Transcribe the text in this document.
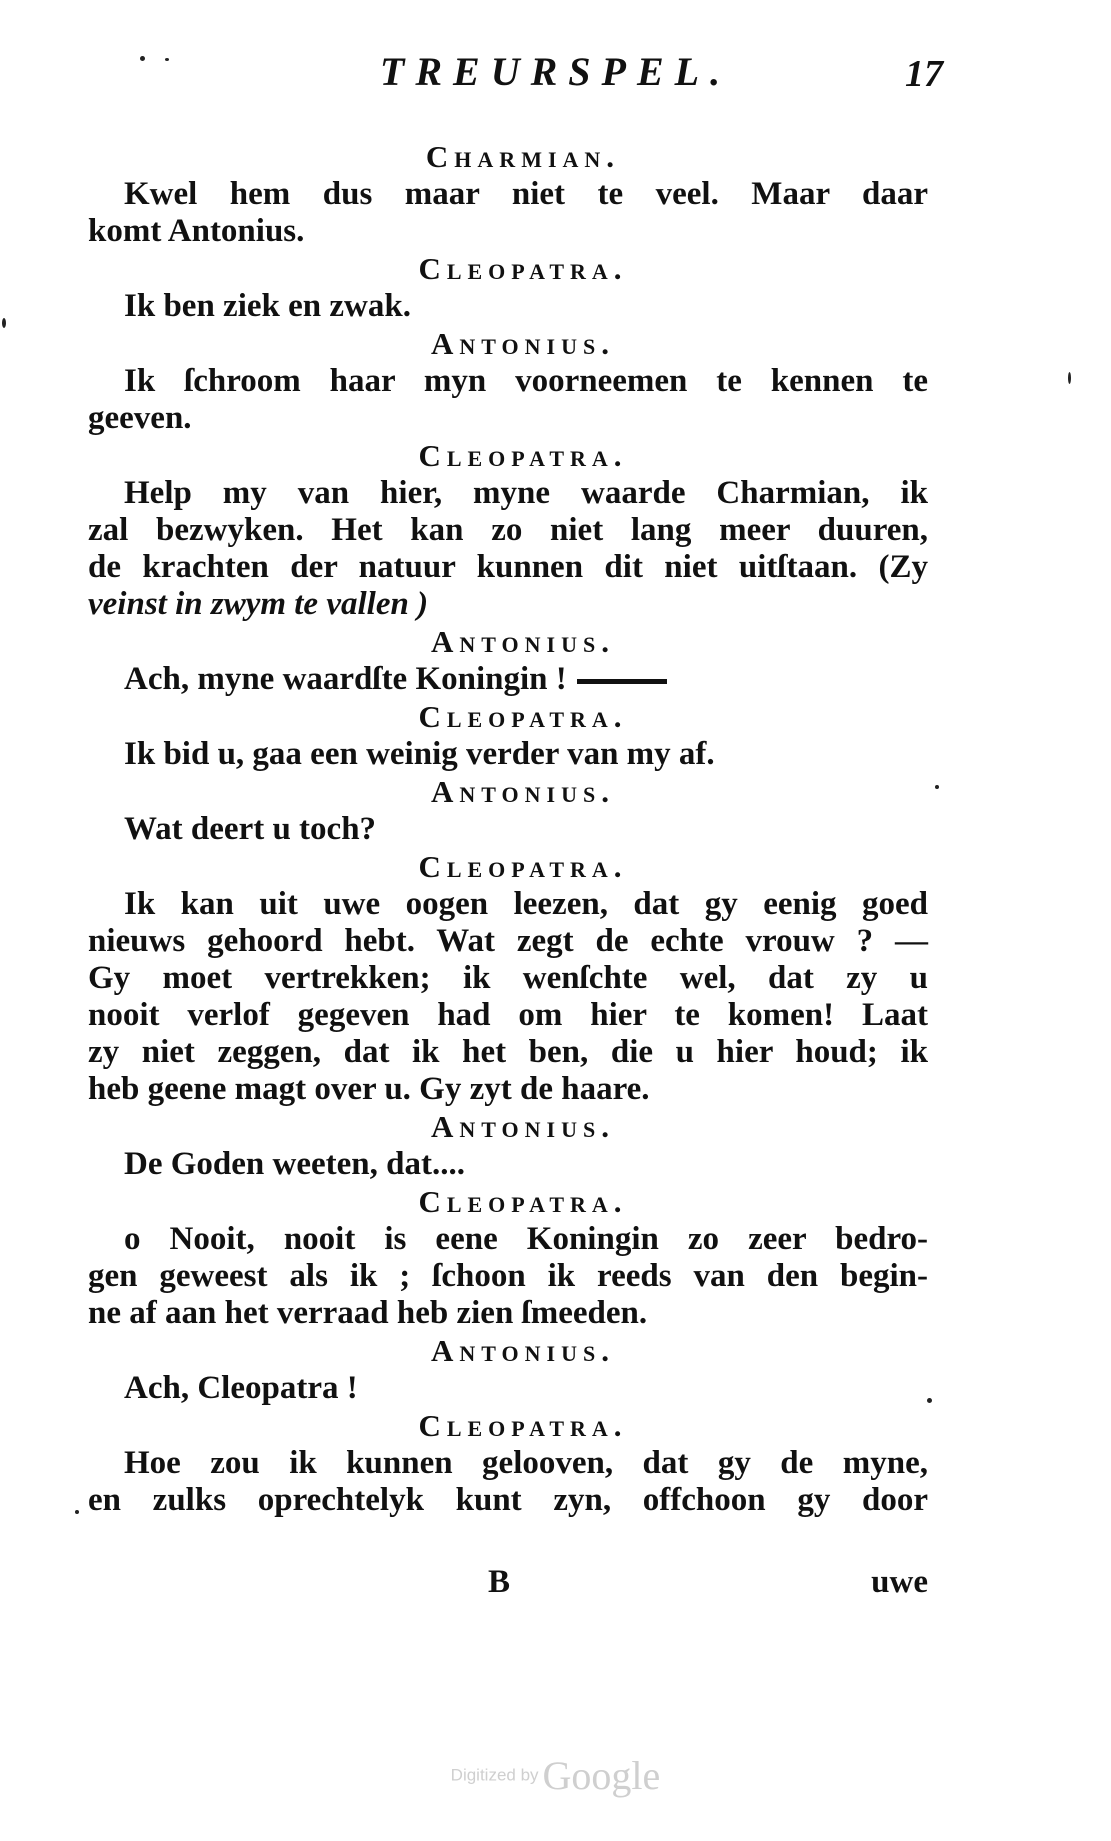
TREURSPEL.	17
Charmian.
Kwel hem dus maar niet te veel. Maar daar
komt Antonius.
Cleopatra.
Ik ben ziek en zwak.
Antonius.
Ik ſchroom haar myn voorneemen te kennen te
geeven.
Cleopatra.
Help my van hier, myne waarde Charmian, ik
zal bezwyken. Het kan zo niet lang meer duuren,
de krachten der natuur kunnen dit niet uitſtaan. (Zy
veinst in zwym te vallen )
Antonius.
Ach, myne waardſte Koningin !
Cleopatra.
Ik bid u, gaa een weinig verder van my af.
Antonius.
Wat deert u toch?
Cleopatra.
Ik kan uit uwe oogen leezen, dat gy eenig goed
nieuws gehoord hebt. Wat zegt de echte vrouw ? —
Gy moet vertrekken; ik wenſchte wel, dat zy u
nooit verlof gegeven had om hier te komen! Laat
zy niet zeggen, dat ik het ben, die u hier houd; ik
heb geene magt over u. Gy zyt de haare.
Antonius.
De Goden weeten, dat....
Cleopatra.
o Nooit, nooit is eene Koningin zo zeer bedro-
gen geweest als ik ; ſchoon ik reeds van den begin-
ne af aan het verraad heb zien ſmeeden.
Antonius.
Ach, Cleopatra !
Cleopatra.
Hoe zou ik kunnen gelooven, dat gy de myne,
en zulks oprechtelyk kunt zyn, offchoon gy door
B	uwe
Digitized by Google
